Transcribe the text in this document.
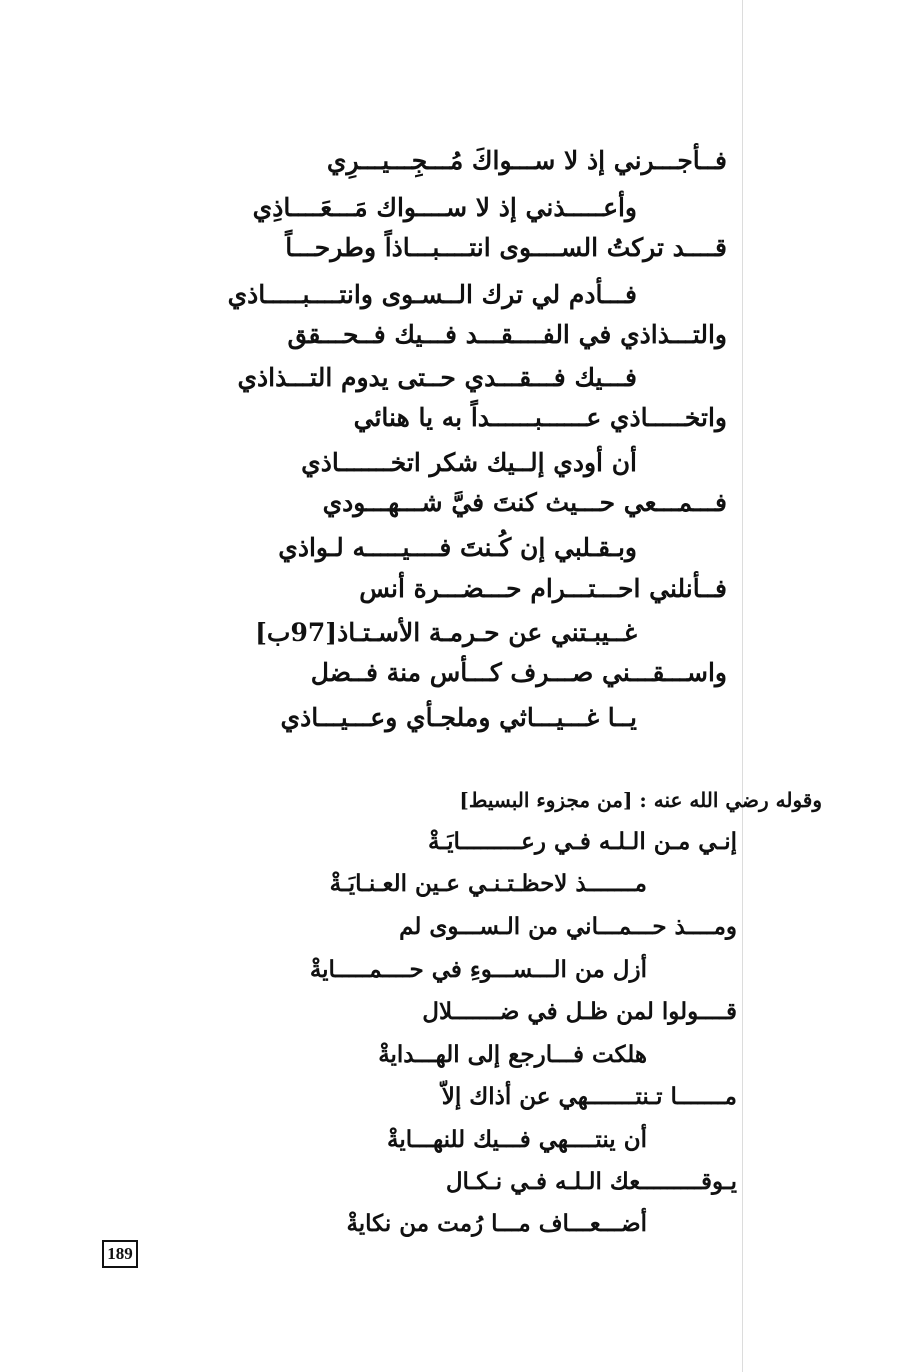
فــأجـــرني إذ لا ســـواكَ مُـــجِـــيـــرِي
وأعـــــذني إذ لا ســــواك مَـــعَــــاذِي
قــــد تركتُ الســــوى انتــــبـــاذاً وطرحـــاً
فـــأدم لي ترك الــسـوى وانتــــبـــــاذي
والتـــذاذي في الفــــقـــد فـــيك فــحـــقق
فـــيك فـــقـــدي حــتى يدوم التـــذاذي
واتخـــــاذي عــــــبــــــداً به يا هنائي
أن أودي إلــيك شكر اتخـــــــاذي
فـــمـــعي حـــيث كنتَ فيَّ شـــهـــودي
وبـقـلبي إن كُـنتَ فــــيـــــه لـواذي
فــأنلني احـــتـــرام حـــضـــرة أنس
غــيبـتني عن حـرمـة الأسـتـاذ[97ب]
واســـقـــني صـــرف كـــأس منة فــضل
يــا غـــيـــاثي وملجـأي وعـــيـــاذي
وقوله رضي الله عنه : [من مجزوء البسيط]
إنـي مـن الـلـه فـي رعـــــــــايَـةْ
مـــــــذ لاحظـتـنـي عـين العـنـايَـةْ
ومــــذ حـــمـــاني من الـســـوى لم
أزل من الـــســـوءِ في حــــمـــــايةْ
قــــولوا لمن ظـل في ضـــــــلال
هلكت فـــارجع إلى الهـــدايةْ
مـــــــا تـنتـــــــهي عن أذاك إلاّ
أن ينتــــهي فـــيك للنهـــايةْ
يـوقـــــــــعك الـلـه فـي نـكـال
أضـــعـــاف مـــا رُمت من نكايةْ
189
